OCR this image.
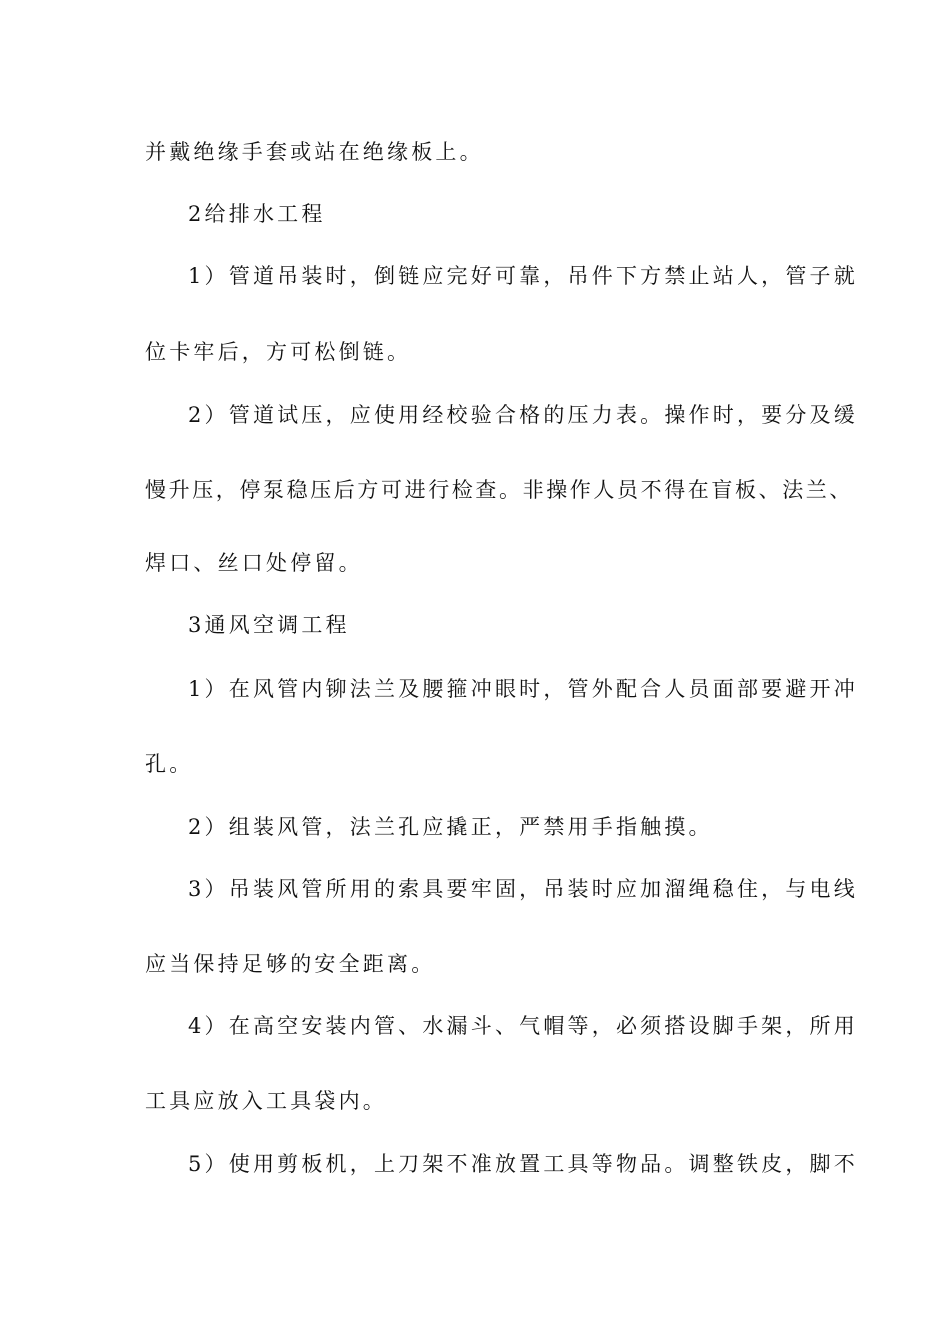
并戴绝缘手套或站在绝缘板上。
2给排水工程
1）管道吊装时，倒链应完好可靠，吊件下方禁止站人，管子就
位卡牢后，方可松倒链。
2）管道试压，应使用经校验合格的压力表。操作时，要分及缓
慢升压，停泵稳压后方可进行检查。非操作人员不得在盲板、法兰、
焊口、丝口处停留。
3通风空调工程
1）在风管内铆法兰及腰箍冲眼时，管外配合人员面部要避开冲
孔。
2）组装风管，法兰孔应撬正，严禁用手指触摸。
3）吊装风管所用的索具要牢固，吊装时应加溜绳稳住，与电线
应当保持足够的安全距离。
4）在高空安装内管、水漏斗、气帽等，必须搭设脚手架，所用
工具应放入工具袋内。
5）使用剪板机，上刀架不准放置工具等物品。调整铁皮，脚不
